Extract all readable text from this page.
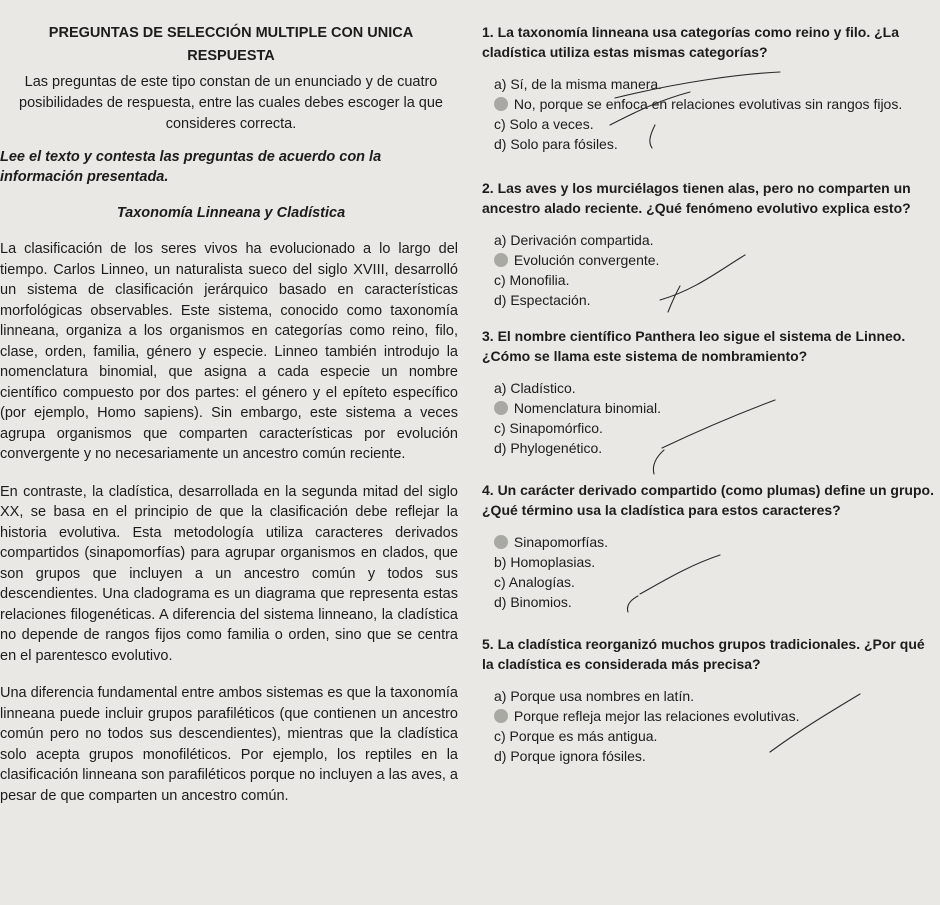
PREGUNTAS DE SELECCIÓN MULTIPLE CON UNICA
RESPUESTA

Las preguntas de este tipo constan de un enunciado y de cuatro posibilidades de respuesta, entre las cuales debes escoger la que consideres correcta.

Lee el texto y contesta las preguntas de acuerdo con la información presentada.

Taxonomía Linneana y Cladística

La clasificación de los seres vivos ha evolucionado a lo largo del tiempo. Carlos Linneo, un naturalista sueco del siglo XVIII, desarrolló un sistema de clasificación jerárquico basado en características morfológicas observables. Este sistema, conocido como taxonomía linneana, organiza a los organismos en categorías como reino, filo, clase, orden, familia, género y especie. Linneo también introdujo la nomenclatura binomial, que asigna a cada especie un nombre científico compuesto por dos partes: el género y el epíteto específico (por ejemplo, Homo sapiens). Sin embargo, este sistema a veces agrupa organismos que comparten características por evolución convergente y no necesariamente un ancestro común reciente.

En contraste, la cladística, desarrollada en la segunda mitad del siglo XX, se basa en el principio de que la clasificación debe reflejar la historia evolutiva. Esta metodología utiliza caracteres derivados compartidos (sinapomorfías) para agrupar organismos en clados, que son grupos que incluyen a un ancestro común y todos sus descendientes. Una cladograma es un diagrama que representa estas relaciones filogenéticas. A diferencia del sistema linneano, la cladística no depende de rangos fijos como familia o orden, sino que se centra en el parentesco evolutivo.

Una diferencia fundamental entre ambos sistemas es que la taxonomía linneana puede incluir grupos parafiléticos (que contienen un ancestro común pero no todos sus descendientes), mientras que la cladística solo acepta grupos monofiléticos. Por ejemplo, los reptiles en la clasificación linneana son parafiléticos porque no incluyen a las aves, a pesar de que comparten un ancestro común.

1. La taxonomía linneana usa categorías como reino y filo. ¿La cladística utiliza estas mismas categorías?
a) Sí, de la misma manera.
No, porque se enfoca en relaciones evolutivas sin rangos fijos.
c) Solo a veces.
d) Solo para fósiles.
2. Las aves y los murciélagos tienen alas, pero no comparten un ancestro alado reciente. ¿Qué fenómeno evolutivo explica esto?
a) Derivación compartida.
Evolución convergente.
c) Monofilia.
d) Espectación.
3. El nombre científico Panthera leo sigue el sistema de Linneo. ¿Cómo se llama este sistema de nombramiento?
a) Cladístico.
Nomenclatura binomial.
c) Sinapomórfico.
d) Phylogenético.
4. Un carácter derivado compartido (como plumas) define un grupo. ¿Qué término usa la cladística para estos caracteres?
Sinapomorfías.
b) Homoplasias.
c) Analogías.
d) Binomios.
5. La cladística reorganizó muchos grupos tradicionales. ¿Por qué la cladística es considerada más precisa?
a) Porque usa nombres en latín.
Porque refleja mejor las relaciones evolutivas.
c) Porque es más antigua.
d) Porque ignora fósiles.
